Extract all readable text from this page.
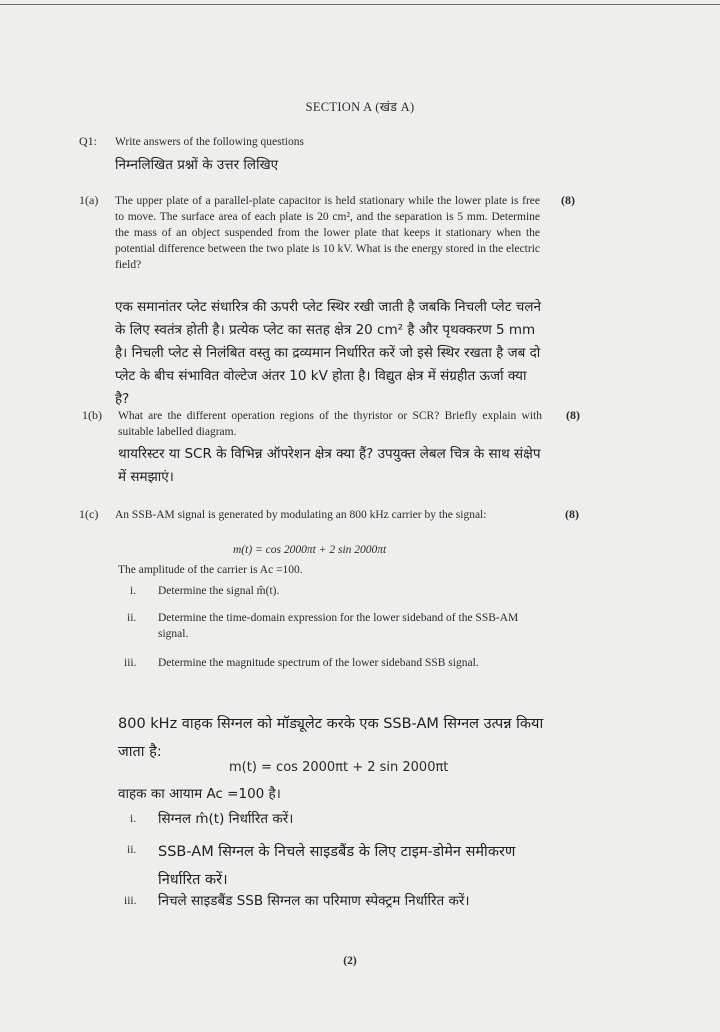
SECTION A (खंड A)
Q1: Write answers of the following questions
निम्नलिखित प्रश्नों के उत्तर लिखिए
1(a) The upper plate of a parallel-plate capacitor is held stationary while the lower plate is free to move. The surface area of each plate is 20 cm², and the separation is 5 mm. Determine the mass of an object suspended from the lower plate that keeps it stationary when the potential difference between the two plate is 10 kV. What is the energy stored in the electric field?
(8)
एक समानांतर प्लेट संधारित्र की ऊपरी प्लेट स्थिर रखी जाती है जबकि निचली प्लेट चलने के लिए स्वतंत्र होती है। प्रत्येक प्लेट का सतह क्षेत्र 20 cm² है और पृथक्करण 5 mm है। निचली प्लेट से निलंबित वस्तु का द्रव्यमान निर्धारित करें जो इसे स्थिर रखता है जब दो प्लेट के बीच संभावित वोल्टेज अंतर 10 kV होता है। विद्युत क्षेत्र में संग्रहीत ऊर्जा क्या है?
1(b) What are the different operation regions of the thyristor or SCR? Briefly explain with suitable labelled diagram.
(8)
थायरिस्टर या SCR के विभिन्न ऑपरेशन क्षेत्र क्या हैं? उपयुक्त लेबल चित्र के साथ संक्षेप में समझाएं।
1(c) An SSB-AM signal is generated by modulating an 800 kHz carrier by the signal:	(8)
m(t) = cos 2000πt + 2 sin 2000πt
The amplitude of the carrier is Ac =100.
i. Determine the signal m̂(t).
ii. Determine the time-domain expression for the lower sideband of the SSB-AM signal.
iii. Determine the magnitude spectrum of the lower sideband SSB signal.
800 kHz वाहक सिग्नल को मॉड्यूलेट करके एक SSB-AM सिग्नल उत्पन्न किया जाता है:
m(t) = cos 2000πt + 2 sin 2000πt
वाहक का आयाम Ac =100 है।
i. सिग्नल m̂(t) निर्धारित करें।
ii. SSB-AM सिग्नल के निचले साइडबैंड के लिए टाइम-डोमेन समीकरण निर्धारित करें।
iii. निचले साइडबैंड SSB सिग्नल का परिमाण स्पेक्ट्रम निर्धारित करें।
(2)
